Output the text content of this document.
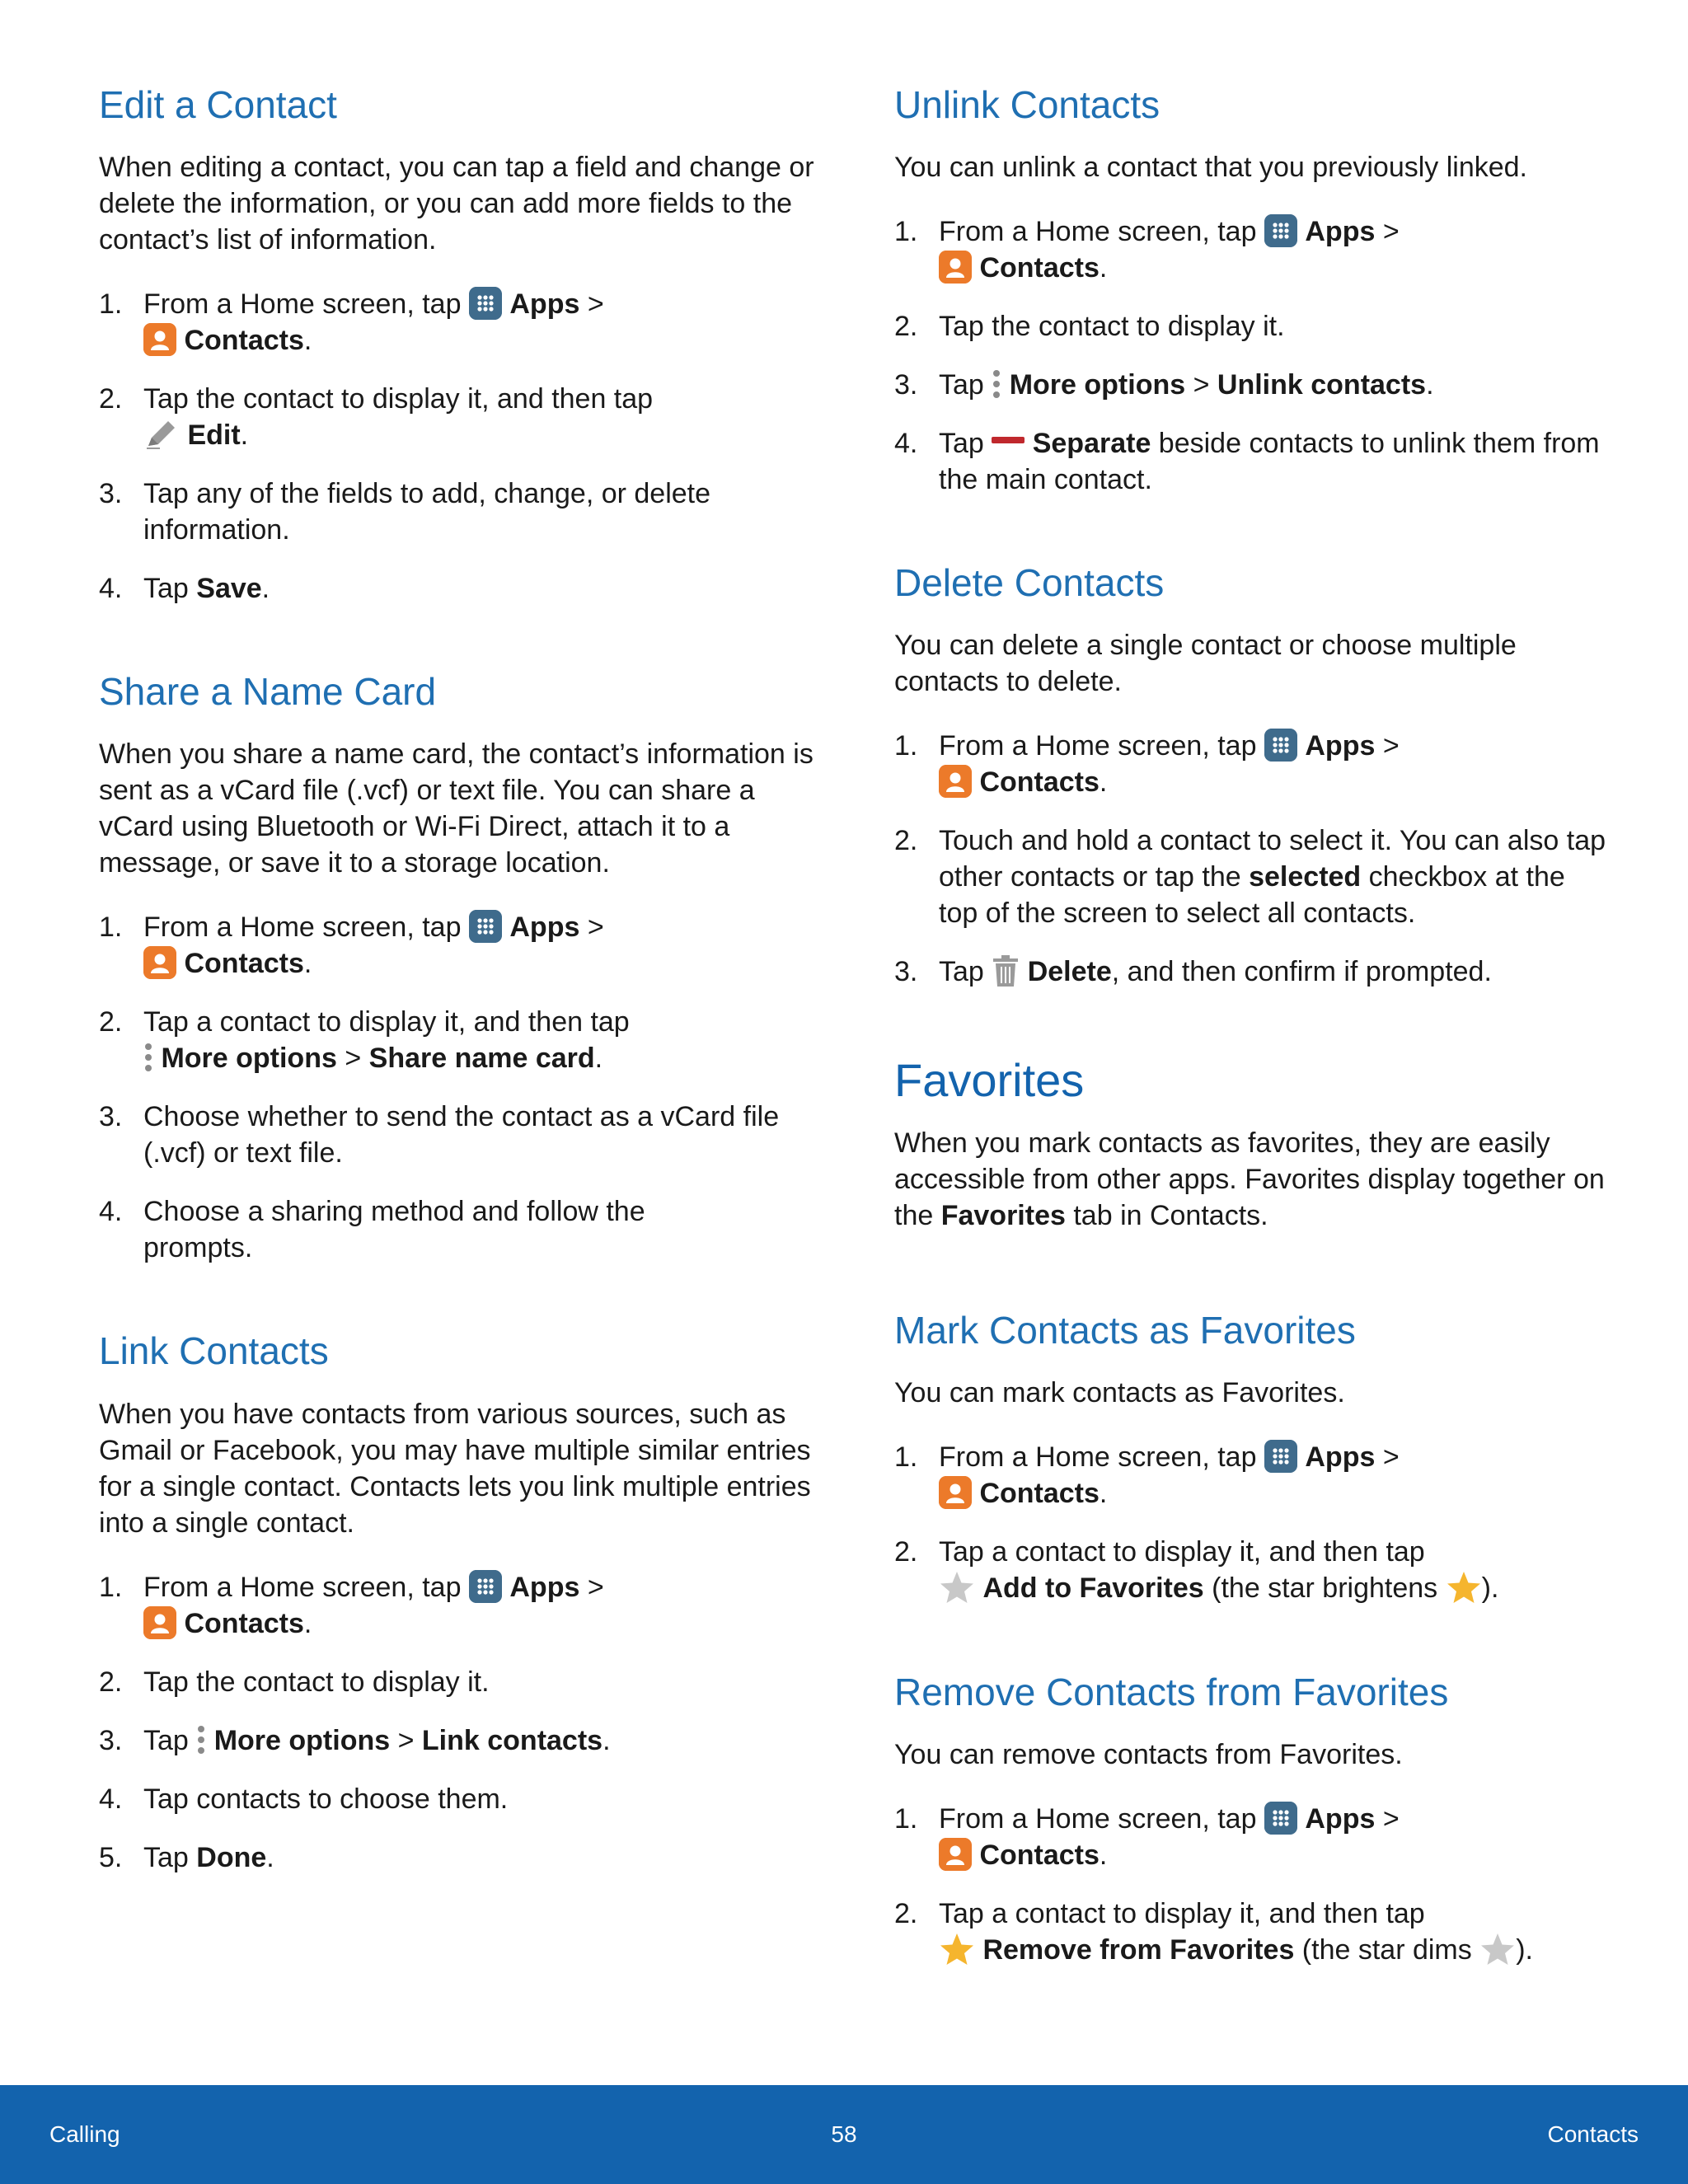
Edit a Contact

When editing a contact, you can tap a field and change or delete the information, or you can add more fields to the contact’s list of information.

1. From a Home screen, tap  Apps >
Contacts.
2. Tap the contact to display it, and then tap
Edit.
3. Tap any of the fields to add, change, or delete information.
4. Tap Save.
Share a Name Card

When you share a name card, the contact’s information is sent as a vCard file (.vcf) or text file. You can share a vCard using Bluetooth or Wi-Fi Direct, attach it to a message, or save it to a storage location.

1. From a Home screen, tap  Apps >
Contacts.
2. Tap a contact to display it, and then tap
More options > Share name card.
3. Choose whether to send the contact as a vCard file (.vcf) or text file.
4. Choose a sharing method and follow the prompts.
Link Contacts

When you have contacts from various sources, such as Gmail or Facebook, you may have multiple similar entries for a single contact. Contacts lets you link multiple entries into a single contact.

1. From a Home screen, tap  Apps >
Contacts.
2. Tap the contact to display it.
3. Tap  More options > Link contacts.
4. Tap contacts to choose them.
5. Tap Done.
Unlink Contacts

You can unlink a contact that you previously linked.

1. From a Home screen, tap  Apps >
Contacts.
2. Tap the contact to display it.
3. Tap  More options > Unlink contacts.
4. Tap  Separate beside contacts to unlink them from the main contact.
Delete Contacts

You can delete a single contact or choose multiple contacts to delete.

1. From a Home screen, tap  Apps >
Contacts.
2. Touch and hold a contact to select it. You can also tap other contacts or tap the selected checkbox at the top of the screen to select all contacts.
3. Tap  Delete, and then confirm if prompted.
Favorites

When you mark contacts as favorites, they are easily accessible from other apps. Favorites display together on the Favorites tab in Contacts.

Mark Contacts as Favorites

You can mark contacts as Favorites.

1. From a Home screen, tap  Apps >
Contacts.
2. Tap a contact to display it, and then tap
Add to Favorites (the star brightens ).
Remove Contacts from Favorites

You can remove contacts from Favorites.

1. From a Home screen, tap  Apps >
Contacts.
2. Tap a contact to display it, and then tap
Remove from Favorites (the star dims ).
Calling	58	Contacts
